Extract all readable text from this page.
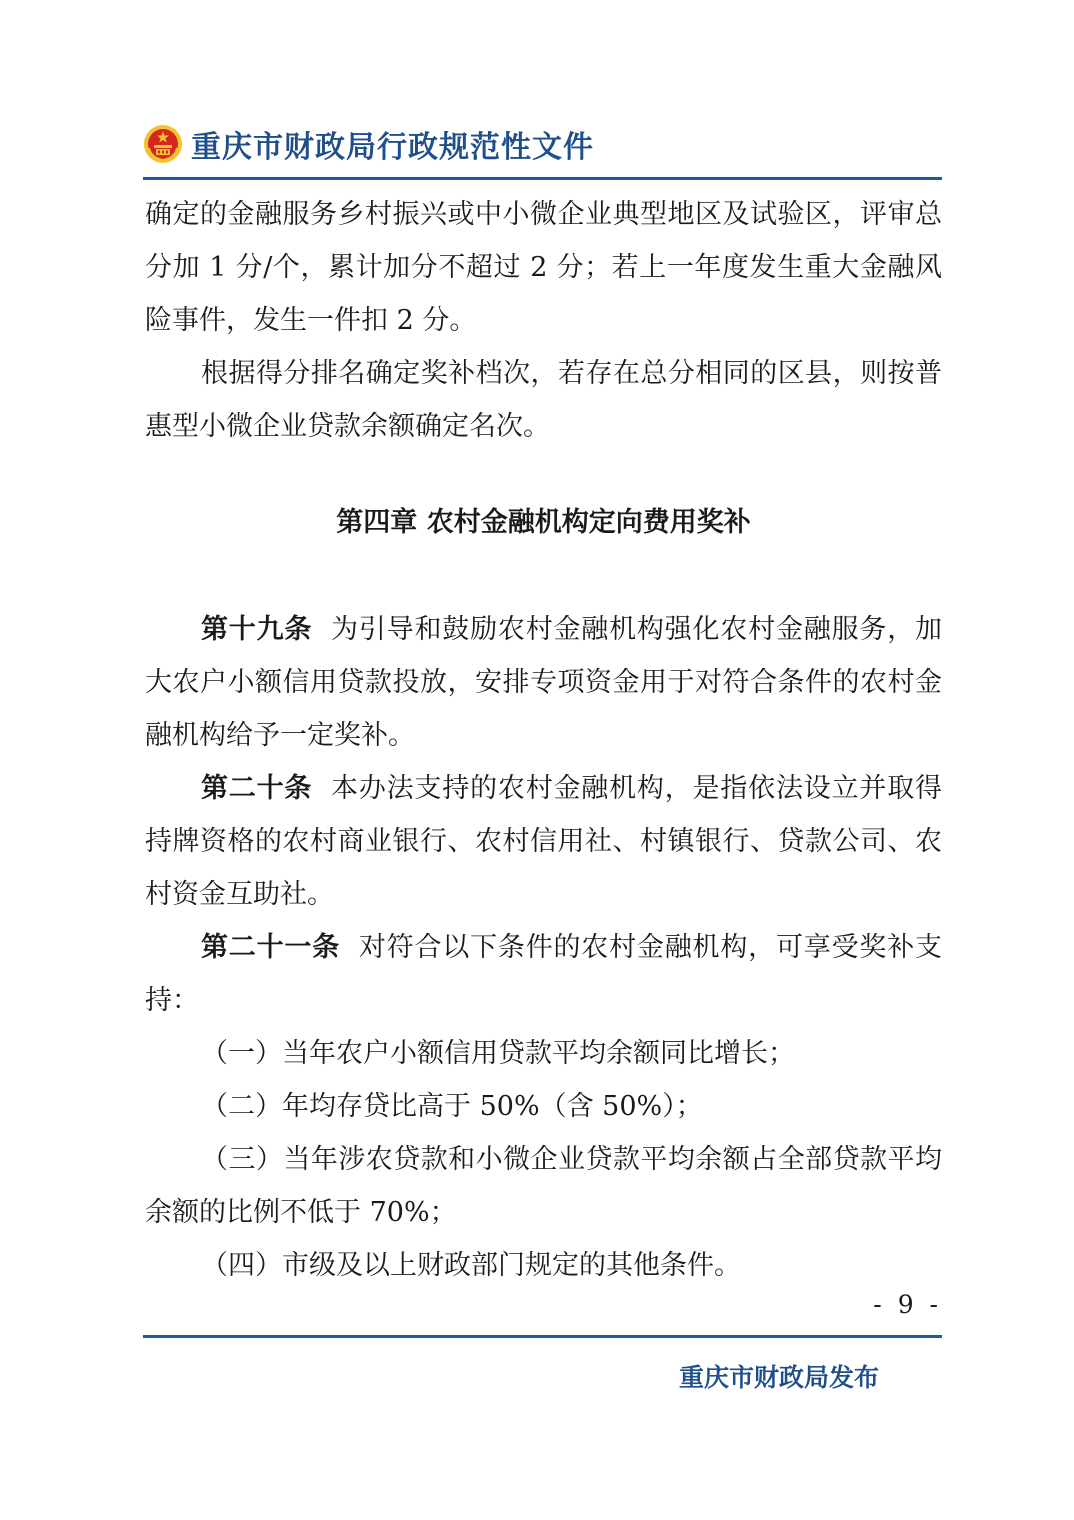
重庆市财政局行政规范性文件

确定的金融服务乡村振兴或中小微企业典型地区及试验区，评审总分加 1 分/个，累计加分不超过 2 分；若上一年度发生重大金融风险事件，发生一件扣 2 分。

根据得分排名确定奖补档次，若存在总分相同的区县，则按普惠型小微企业贷款余额确定名次。

第四章 农村金融机构定向费用奖补

第十九条 为引导和鼓励农村金融机构强化农村金融服务，加大农户小额信用贷款投放，安排专项资金用于对符合条件的农村金融机构给予一定奖补。

第二十条 本办法支持的农村金融机构，是指依法设立并取得持牌资格的农村商业银行、农村信用社、村镇银行、贷款公司、农村资金互助社。

第二十一条 对符合以下条件的农村金融机构，可享受奖补支持：

（一）当年农户小额信用贷款平均余额同比增长；

（二）年均存贷比高于 50%（含 50%）；

（三）当年涉农贷款和小微企业贷款平均余额占全部贷款平均余额的比例不低于 70%；

（四）市级及以上财政部门规定的其他条件。

- 9 -
重庆市财政局发布
